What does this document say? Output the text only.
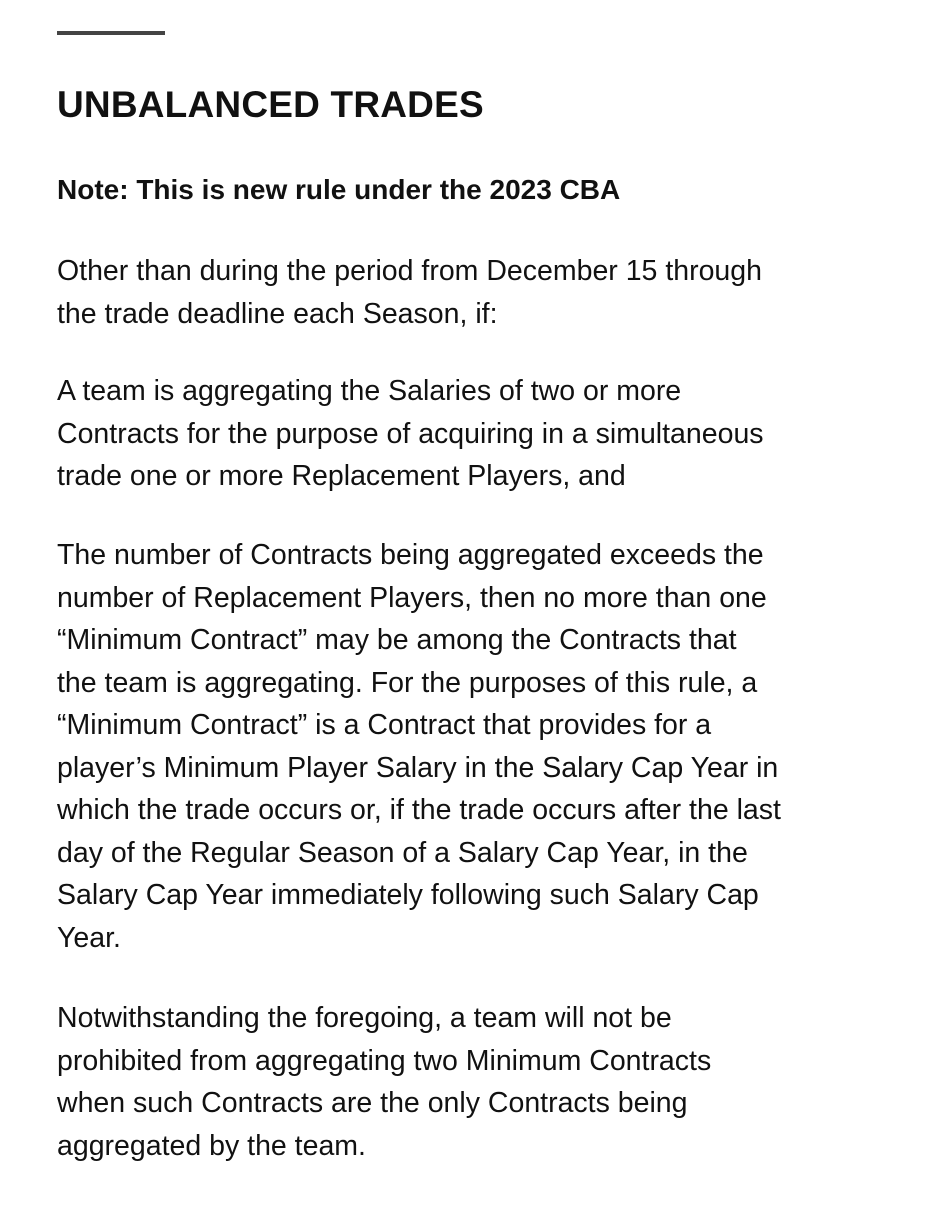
UNBALANCED TRADES

Note: This is new rule under the 2023 CBA

Other than during the period from December 15 through
the trade deadline each Season, if:

A team is aggregating the Salaries of two or more
Contracts for the purpose of acquiring in a simultaneous
trade one or more Replacement Players, and

The number of Contracts being aggregated exceeds the
number of Replacement Players, then no more than one
“Minimum Contract” may be among the Contracts that
the team is aggregating. For the purposes of this rule, a
“Minimum Contract” is a Contract that provides for a
player’s Minimum Player Salary in the Salary Cap Year in
which the trade occurs or, if the trade occurs after the last
day of the Regular Season of a Salary Cap Year, in the
Salary Cap Year immediately following such Salary Cap
Year.

Notwithstanding the foregoing, a team will not be
prohibited from aggregating two Minimum Contracts
when such Contracts are the only Contracts being
aggregated by the team.
